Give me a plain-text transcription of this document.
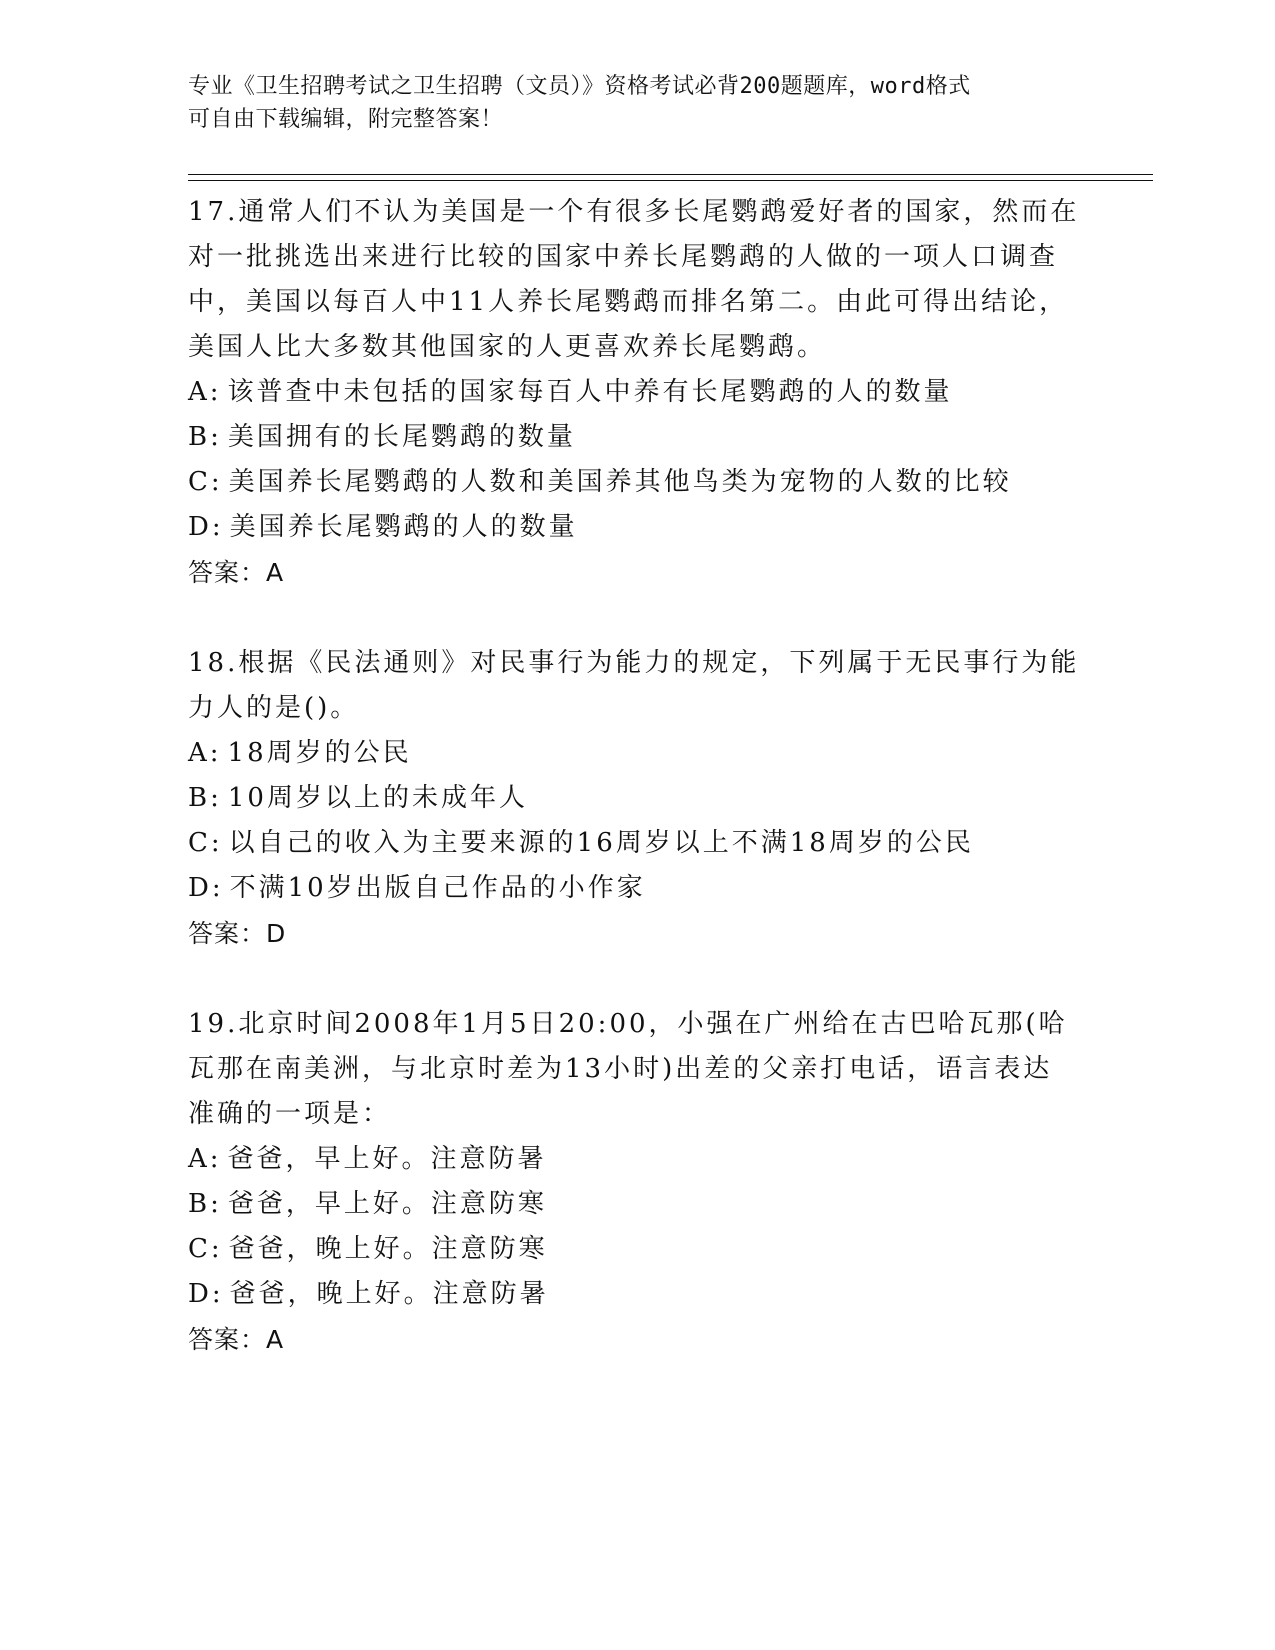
专业《卫生招聘考试之卫生招聘（文员）》资格考试必背200题题库，word格式
可自由下载编辑，附完整答案！
17.通常人们不认为美国是一个有很多长尾鹦鹉爱好者的国家，然而在
对一批挑选出来进行比较的国家中养长尾鹦鹉的人做的一项人口调查
中，美国以每百人中11人养长尾鹦鹉而排名第二。由此可得出结论，
美国人比大多数其他国家的人更喜欢养长尾鹦鹉。
A: 该普查中未包括的国家每百人中养有长尾鹦鹉的人的数量
B: 美国拥有的长尾鹦鹉的数量
C: 美国养长尾鹦鹉的人数和美国养其他鸟类为宠物的人数的比较
D: 美国养长尾鹦鹉的人的数量
答案：A
18.根据《民法通则》对民事行为能力的规定，下列属于无民事行为能
力人的是()。
A: 18周岁的公民
B: 10周岁以上的未成年人
C: 以自己的收入为主要来源的16周岁以上不满18周岁的公民
D: 不满10岁出版自己作品的小作家
答案：D
19.北京时间2008年1月5日20:00，小强在广州给在古巴哈瓦那(哈
瓦那在南美洲，与北京时差为13小时)出差的父亲打电话，语言表达
准确的一项是：
A: 爸爸，早上好。注意防暑
B: 爸爸，早上好。注意防寒
C: 爸爸，晚上好。注意防寒
D: 爸爸，晚上好。注意防暑
答案：A
